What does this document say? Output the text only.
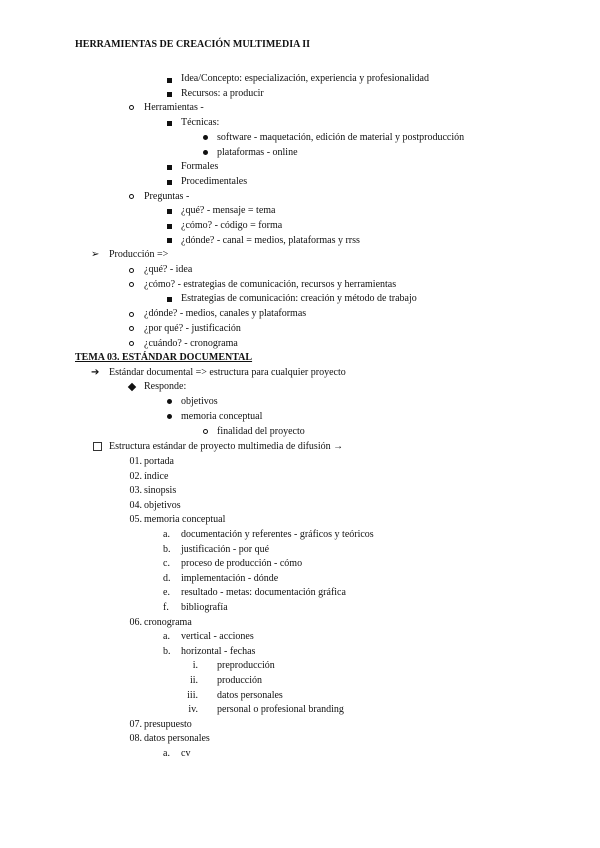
HERRAMIENTAS DE CREACIÓN MULTIMEDIA II
Idea/Concepto: especialización, experiencia y profesionalidad
Recursos: a producir
Herramientas -
Técnicas:
software - maquetación, edición de material y postproducción
plataformas - online
Formales
Procedimentales
Preguntas -
¿qué? - mensaje = tema
¿cómo? - código = forma
¿dónde? - canal = medios, plataformas y rrss
➢ Producción =>
¿qué? - idea
¿cómo? - estrategias de comunicación, recursos y herramientas
Estrategias de comunicación: creación y método de trabajo
¿dónde? - medios, canales y plataformas
¿por qué? - justificación
¿cuándo? - cronograma
TEMA 03. ESTÁNDAR DOCUMENTAL
➔ Estándar documental => estructura para cualquier proyecto
Responde:
objetivos
memoria conceptual
finalidad del proyecto
Estructura estándar de proyecto multimedia de difusión →
01. portada
02. índice
03. sinopsis
04. objetivos
05. memoria conceptual
a. documentación y referentes - gráficos y teóricos
b. justificación - por qué
c. proceso de producción - cómo
d. implementación - dónde
e. resultado - metas: documentación gráfica
f. bibliografía
06. cronograma
a. vertical - acciones
b. horizontal - fechas
i. preproducción
ii. producción
iii. datos personales
iv. personal o profesional branding
07. presupuesto
08. datos personales
a. cv
